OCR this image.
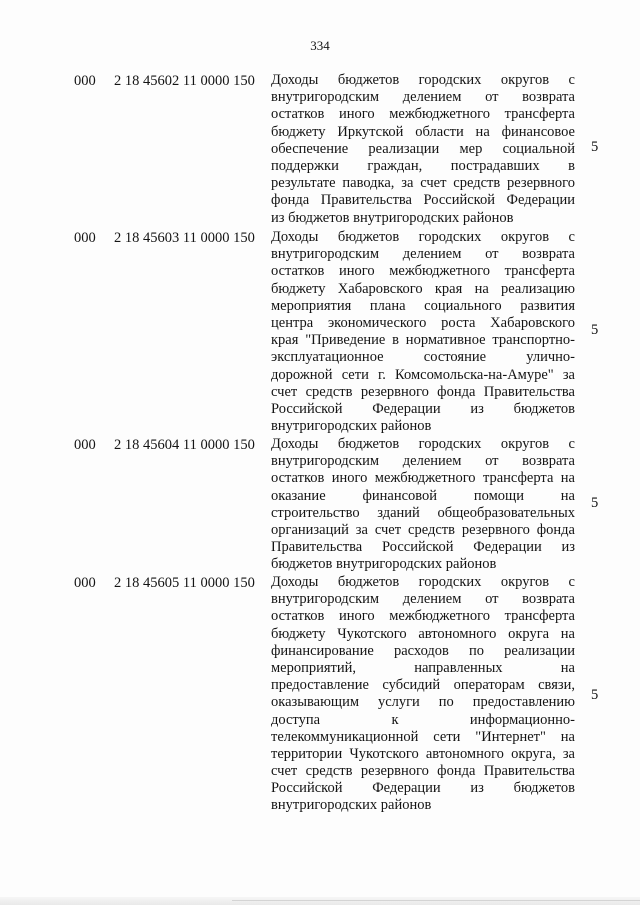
334
000 2 18 45602 11 0000 150 Доходы бюджетов городских округов с
внутригородским делением от возврата
остатков иного межбюджетного трансферта
бюджету Иркутской области на финансовое
обеспечение реализации мер социальной
поддержки граждан, пострадавших в
результате паводка, за счет средств резервного
фонда Правительства Российской Федерации
из бюджетов внутригородских районов
5
000 2 18 45603 11 0000 150 Доходы бюджетов городских округов с
внутригородским делением от возврата
остатков иного межбюджетного трансферта
бюджету Хабаровского края на реализацию
мероприятия плана социального развития
центра экономического роста Хабаровского
края "Приведение в нормативное транспортно-
эксплуатационное состояние улично-
дорожной сети г. Комсомольска-на-Амуре" за
счет средств резервного фонда Правительства
Российской Федерации из бюджетов
внутригородских районов
5
000 2 18 45604 11 0000 150 Доходы бюджетов городских округов с
внутригородским делением от возврата
остатков иного межбюджетного трансферта на
оказание финансовой помощи на
строительство зданий общеобразовательных
организаций за счет средств резервного фонда
Правительства Российской Федерации из
бюджетов внутригородских районов
5
000 2 18 45605 11 0000 150 Доходы бюджетов городских округов с
внутригородским делением от возврата
остатков иного межбюджетного трансферта
бюджету Чукотского автономного округа на
финансирование расходов по реализации
мероприятий, направленных на
предоставление субсидий операторам связи,
оказывающим услуги по предоставлению
доступа к информационно-
телекоммуникационной сети "Интернет" на
территории Чукотского автономного округа, за
счет средств резервного фонда Правительства
Российской Федерации из бюджетов
внутригородских районов
5
